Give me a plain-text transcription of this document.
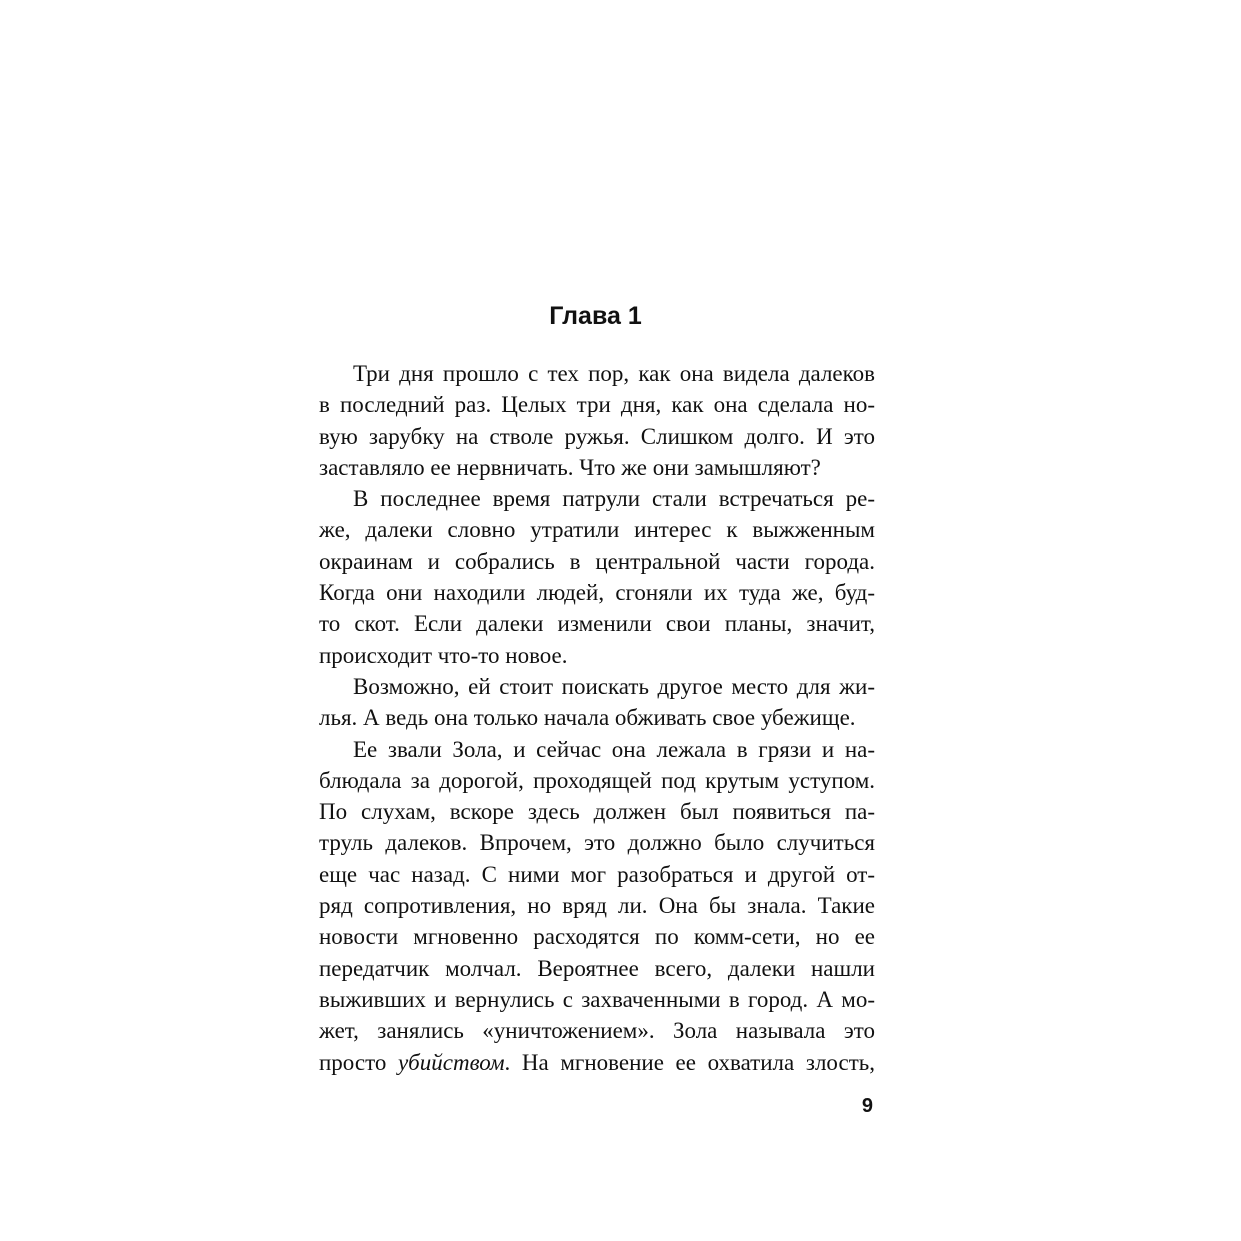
Глава 1
Три дня прошло с тех пор, как она видела далеков
в последний раз. Целых три дня, как она сделала но-
вую зарубку на стволе ружья. Слишком долго. И это
заставляло ее нервничать. Что же они замышляют?
В последнее время патрули стали встречаться ре-
же, далеки словно утратили интерес к выжженным
окраинам и собрались в центральной части города.
Когда они находили людей, сгоняли их туда же, буд-
то скот. Если далеки изменили свои планы, значит,
происходит что-то новое.
Возможно, ей стоит поискать другое место для жи-
лья. А ведь она только начала обживать свое убежище.
Ее звали Зола, и сейчас она лежала в грязи и на-
блюдала за дорогой, проходящей под крутым уступом.
По слухам, вскоре здесь должен был появиться па-
труль далеков. Впрочем, это должно было случиться
еще час назад. С ними мог разобраться и другой от-
ряд сопротивления, но вряд ли. Она бы знала. Такие
новости мгновенно расходятся по комм-сети, но ее
передатчик молчал. Вероятнее всего, далеки нашли
выживших и вернулись с захваченными в город. А мо-
жет, занялись «уничтожением». Зола называла это
просто убийством. На мгновение ее охватила злость,
9
